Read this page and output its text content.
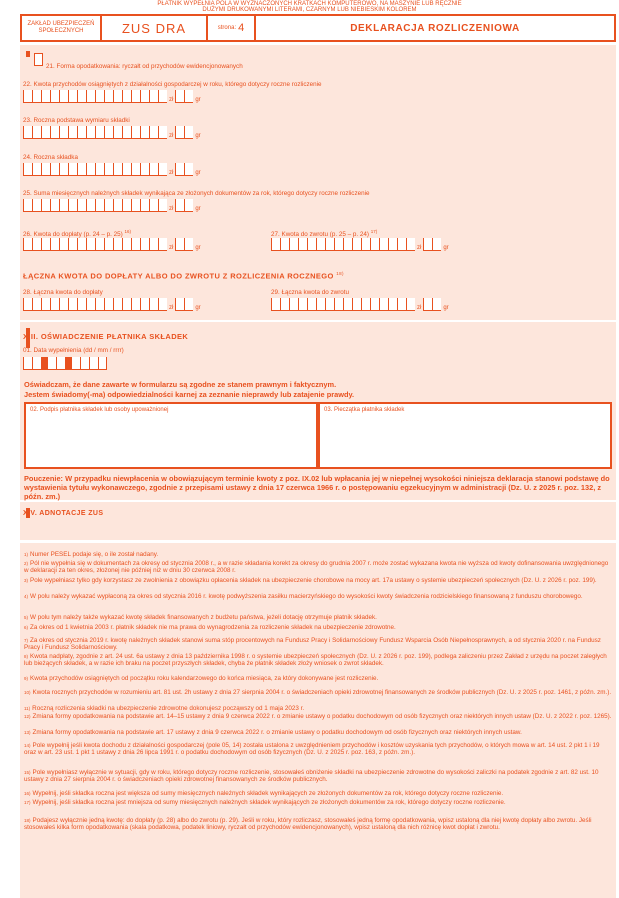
PŁATNIK WYPEŁNIA POLA W WYZNACZONYCH KRATKACH KOMPUTEROWO, NA MASZYNIE LUB RĘCZNIE
DUŻYMI DRUKOWANYMI LITERAMI, CZARNYM LUB NIEBIESKIM KOLOREM
ZAKŁAD UBEZPIECZEŃ SPOŁECZNYCH	ZUS DRA	strona: 4	DEKLARACJA ROZLICZENIOWA
21. Forma opodatkowania: ryczałt od przychodów ewidencjonowanych
22. Kwota przychodów osiągniętych z działalności gospodarczej w roku, którego dotyczy roczne rozliczenie
zł	gr
23. Roczna podstawa wymiaru składki
zł	gr
24. Roczna składka
zł	gr
25. Suma miesięcznych należnych składek wynikająca ze złożonych dokumentów za rok, którego dotyczy roczne rozliczenie
zł	gr
26. Kwota do dopłaty (p. 24 – p. 25) $^{16)}$
zł	gr
27. Kwota do zwrotu (p. 25 – p. 24) $^{17)}$
zł	gr
ŁĄCZNA KWOTA DO DOPŁATY ALBO DO ZWROTU Z ROZLICZENIA ROCZNEGO $^{18)}$
28. Łączna kwota do dopłaty
zł	gr
29. Łączna kwota do zwrotu
zł	gr
XIII. OŚWIADCZENIE PŁATNIKA SKŁADEK
01. Data wypełnienia (dd / mm / rrrr)
Oświadczam, że dane zawarte w formularzu są zgodne ze stanem prawnym i faktycznym.
Jestem świadomy(-ma) odpowiedzialności karnej za zeznanie nieprawdy lub zatajenie prawdy.
02. Podpis płatnika składek lub osoby upoważnionej	03. Pieczątka płatnika składek
Pouczenie: W przypadku niewpłacenia w obowiązującym terminie kwoty z poz. IX.02 lub wpłacania jej w niepełnej wysokości niniejsza deklaracja stanowi podstawę do wystawienia tytułu wykonawczego, zgodnie z przepisami ustawy z dnia 17 czerwca 1966 r. o postępowaniu egzekucyjnym w administracji (Dz. U. z 2025 r. poz. 132, z późn. zm.)
XIV. ADNOTACJE ZUS
$^{1)}$ Numer PESEL podaje się, o ile został nadany.
$^{2)}$ Pól nie wypełnia się w dokumentach za okresy od stycznia 2008 r., a w razie składania korekt za okresy do grudnia 2007 r. może zostać wykazana kwota nie wyższa od kwoty dofinansowania uwzględnionego w deklaracji za ten okres, złożonej nie później niż w dniu 30 czerwca 2008 r.
$^{3)}$ Pole wypełniasz tylko gdy korzystasz ze zwolnienia z obowiązku opłacenia składek na ubezpieczenie chorobowe na mocy art. 17a ustawy o systemie ubezpieczeń społecznych (Dz. U. z 2026 r. poz. 199).
$^{4)}$ W polu należy wykazać wypłaconą za okres od stycznia 2016 r. kwotę podwyższenia zasiłku macierzyńskiego do wysokości kwoty świadczenia rodzicielskiego finansowaną z funduszu chorobowego.
$^{5)}$ W polu tym należy także wykazać kwotę składek finansowanych z budżetu państwa, jeżeli dotację otrzymuje płatnik składek.
$^{6)}$ Za okres od 1 kwietnia 2003 r. płatnik składek nie ma prawa do wynagrodzenia za rozliczenie składek na ubezpieczenie zdrowotne.
$^{7)}$ Za okres od stycznia 2019 r. kwotę należnych składek stanowi suma stóp procentowych na Fundusz Pracy i Solidarnościowy Fundusz Wsparcia Osób Niepełnosprawnych, a od stycznia 2020 r. na Fundusz Pracy i Fundusz Solidarnościowy.
$^{8)}$ Kwota nadpłaty, zgodnie z art. 24 ust. 6a ustawy z dnia 13 października 1998 r. o systemie ubezpieczeń społecznych (Dz. U. z 2026 r. poz. 199), podlega zaliczeniu przez Zakład z urzędu na poczet zaległych lub bieżących składek, a w razie ich braku na poczet przyszłych składek, chyba że płatnik składek złoży wniosek o zwrot składek.
$^{9)}$ Kwota przychodów osiągniętych od początku roku kalendarzowego do końca miesiąca, za który dokonywane jest rozliczenie.
$^{10)}$ Kwota rocznych przychodów w rozumieniu art. 81 ust. 2h ustawy z dnia 27 sierpnia 2004 r. o świadczeniach opieki zdrowotnej finansowanych ze środków publicznych (Dz. U. z 2025 r. poz. 1461, z późn. zm.).
$^{11)}$ Roczną rozliczenia składki na ubezpieczenie zdrowotne dokonujesz począwszy od 1 maja 2023 r.
$^{12)}$ Zmiana formy opodatkowania na podstawie art. 14–15 ustawy z dnia 9 czerwca 2022 r. o zmianie ustawy o podatku dochodowym od osób fizycznych oraz niektórych innych ustaw (Dz. U. z 2022 r. poz. 1265).
$^{13)}$ Zmiana formy opodatkowania na podstawie art. 17 ustawy z dnia 9 czerwca 2022 r. o zmianie ustawy o podatku dochodowym od osób fizycznych oraz niektórych innych ustaw.
$^{14)}$ Pole wypełnij jeśli kwota dochodu z działalności gospodarczej (pole 05, 14) została ustalona z uwzględnieniem przychodów i kosztów uzyskania tych przychodów, o których mowa w art. 14 ust. 2 pkt 1 i 19 oraz w art. 23 ust. 1 pkt 1 ustawy z dnia 26 lipca 1991 r. o podatku dochodowym od osób fizycznych (Dz. U. z 2025 r. poz. 163, z późn. zm.).
$^{15)}$ Pole wypełniasz wyłącznie w sytuacji, gdy w roku, którego dotyczy roczne rozliczenie, stosowałeś obniżenie składki na ubezpieczenie zdrowotne do wysokości zaliczki na podatek zgodnie z art. 82 ust. 10 ustawy z dnia 27 sierpnia 2004 r. o świadczeniach opieki zdrowotnej finansowanych ze środków publicznych.
$^{16)}$ Wypełnij, jeśli składka roczna jest większa od sumy miesięcznych należnych składek wynikających ze złożonych dokumentów za rok, którego dotyczy roczne rozliczenie.
$^{17)}$ Wypełnij, jeśli składka roczna jest mniejsza od sumy miesięcznych należnych składek wynikających ze złożonych dokumentów za rok, którego dotyczy roczne rozliczenie.
$^{18)}$ Podajesz wyłącznie jedną kwotę: do dopłaty (p. 28) albo do zwrotu (p. 29). Jeśli w roku, który rozliczasz, stosowałeś jedną formę opodatkowania, wpisz ustaloną dla niej kwotę dopłaty albo zwrotu. Jeśli stosowałeś kilka form opodatkowania (skala podatkowa, podatek liniowy, ryczałt od przychodów ewidencjonowanych), wpisz ustaloną dla nich różnicę kwot dopłat i zwrotu.
